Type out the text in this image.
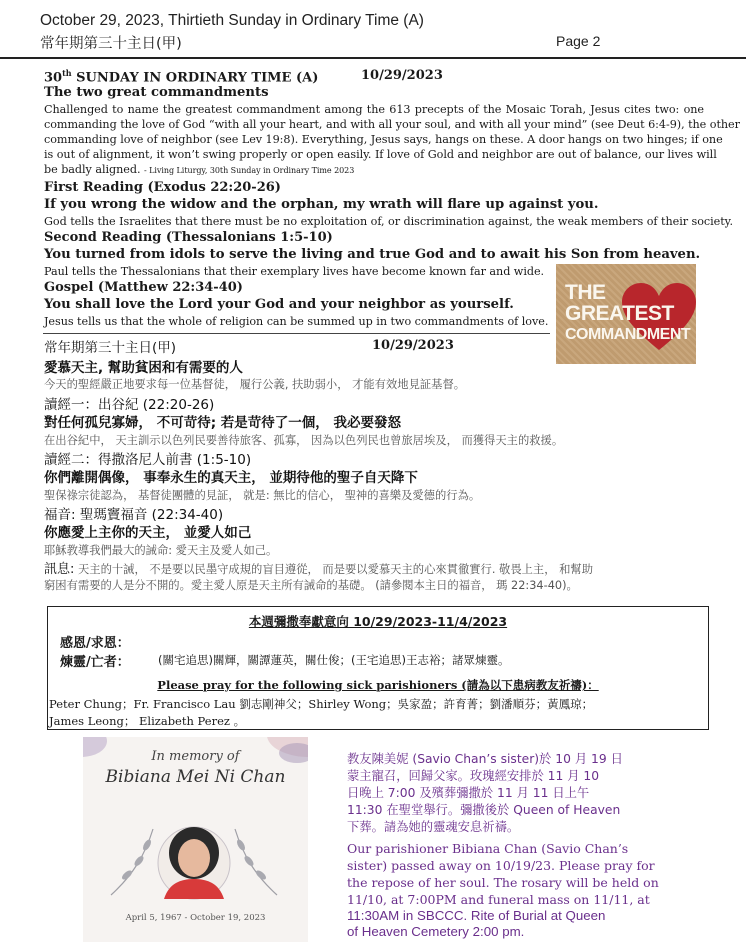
October 29, 2023, Thirtieth Sunday in Ordinary Time (A)
常年期第三十主日(甲)	Page 2
30th SUNDAY IN ORDINARY TIME (A)	10/29/2023
The two great commandments
Challenged to name the greatest commandment among the 613 precepts of the Mosaic Torah, Jesus cites two: one
commanding the love of God “with all your heart, and with all your soul, and with all your mind” (see Deut 6:4-9), the other
commanding love of neighbor (see Lev 19:8). Everything, Jesus says, hangs on these. A door hangs on two hinges; if one
is out of alignment, it won’t swing properly or open easily. If love of Gold and neighbor are out of balance, our lives will
be badly aligned. - Living Liturgy, 30th Sunday in Ordinary Time 2023
First Reading (Exodus 22:20-26)
If you wrong the widow and the orphan, my wrath will flare up against you.
God tells the Israelites that there must be no exploitation of, or discrimination against, the weak members of their society.
Second Reading (Thessalonians 1:5-10)
You turned from idols to serve the living and true God and to await his Son from heaven.
Paul tells the Thessalonians that their exemplary lives have become known far and wide.
Gospel (Matthew 22:34-40)
You shall love the Lord your God and your neighbor as yourself.
Jesus tells us that the whole of religion can be summed up in two commandments of love.
THE
GREATEST
COMMANDMENT
常年期第三十主日(甲)	10/29/2023
愛慕天主, 幫助貧困和有需要的人
今天的聖經嚴正地要求每一位基督徒， 履行公義, 扶助弱小， 才能有效地見証基督。
讀經一：出谷紀 (22:20-26)
對任何孤兒寡婦， 不可苛待; 若是苛待了一個， 我必要發怒
在出谷紀中， 天主訓示以色列民要善待旅客、孤寡， 因為以色列民也曾旅居埃及， 而獲得天主的救援。
讀經二：得撒洛尼人前書 (1:5-10)
你們離開偶像， 事奉永生的真天主， 並期待他的聖子自天降下
聖保祿宗徒認為， 基督徒團體的見証， 就是: 無比的信心， 聖神的喜樂及愛德的行為。
福音: 聖瑪竇福音 (22:34-40)
你應愛上主你的天主， 並愛人如己
耶穌教導我們最大的誡命: 愛天主及愛人如己。
訊息: 天主的十誡， 不是要以民墨守成規的盲目遵從， 而是要以愛慕天主的心來貫徹實行. 敬畏上主， 和幫助
窮困有需要的人是分不開的。愛主愛人原是天主所有誡命的基礎。 (請參閱本主日的福音， 瑪 22:34-40)。
本週彌撒奉獻意向 10/29/2023-11/4/2023
感恩/求恩：
煉靈/亡者： (關宅追思)關輝，關譚蓮英，關仕俊；(王宅追思)王志裕；諸眾煉靈。
Please pray for the following sick parishioners (請為以下患病教友祈禱)：
Peter Chung；Fr. Francisco Lau 劉志剛神父；Shirley Wong；吳家盈；許育菁；劉潘順芬；黃鳳琼；
James Leong； Elizabeth Perez 。
In memory of
Bibiana Mei Ni Chan
April 5, 1967 - October 19, 2023
教友陳美妮 (Savio Chan’s sister)於 10 月 19 日
蒙主寵召，回歸父家。玫瑰經安排於 11 月 10
日晚上 7:00 及殯葬彌撒於 11 月 11 日上午
11:30 在聖堂舉行。彌撒後於 Queen of Heaven
下葬。請為她的靈魂安息祈禱。
Our parishioner Bibiana Chan (Savio Chan’s
sister) passed away on 10/19/23. Please pray for
the repose of her soul. The rosary will be held on
11/10, at 7:00PM and funeral mass on 11/11, at
11:30AM in SBCCC. Rite of Burial at Queen
of Heaven Cemetery 2:00 pm.
